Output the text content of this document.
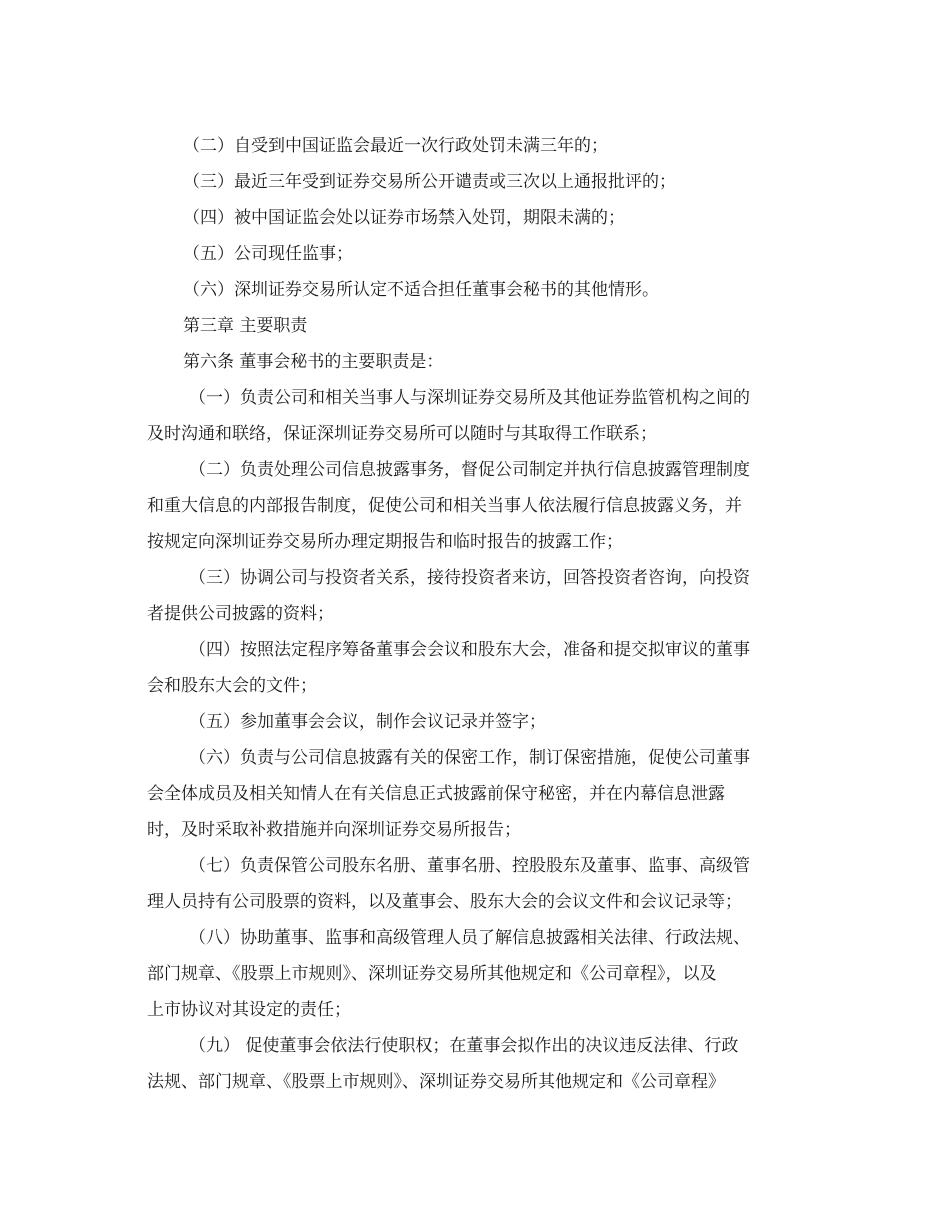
（二）自受到中国证监会最近一次行政处罚未满三年的；
（三）最近三年受到证券交易所公开谴责或三次以上通报批评的；
（四）被中国证监会处以证券市场禁入处罚，期限未满的；
（五）公司现任监事；
（六）深圳证券交易所认定不适合担任董事会秘书的其他情形。
第三章 主要职责
第六条 董事会秘书的主要职责是：
（一）负责公司和相关当事人与深圳证券交易所及其他证券监管机构之间的
及时沟通和联络，保证深圳证券交易所可以随时与其取得工作联系；
（二）负责处理公司信息披露事务，督促公司制定并执行信息披露管理制度
和重大信息的内部报告制度，促使公司和相关当事人依法履行信息披露义务，并
按规定向深圳证券交易所办理定期报告和临时报告的披露工作；
（三）协调公司与投资者关系，接待投资者来访，回答投资者咨询，向投资
者提供公司披露的资料；
（四）按照法定程序筹备董事会会议和股东大会，准备和提交拟审议的董事
会和股东大会的文件；
（五）参加董事会会议，制作会议记录并签字；
（六）负责与公司信息披露有关的保密工作，制订保密措施，促使公司董事
会全体成员及相关知情人在有关信息正式披露前保守秘密，并在内幕信息泄露
时，及时采取补救措施并向深圳证券交易所报告；
（七）负责保管公司股东名册、董事名册、控股股东及董事、监事、高级管
理人员持有公司股票的资料，以及董事会、股东大会的会议文件和会议记录等；
（八）协助董事、监事和高级管理人员了解信息披露相关法律、行政法规、
部门规章、《股票上市规则》、深圳证券交易所其他规定和《公司章程》，以及
上市协议对其设定的责任；
（九） 促使董事会依法行使职权；在董事会拟作出的决议违反法律、行政
法规、部门规章、《股票上市规则》、深圳证券交易所其他规定和《公司章程》
